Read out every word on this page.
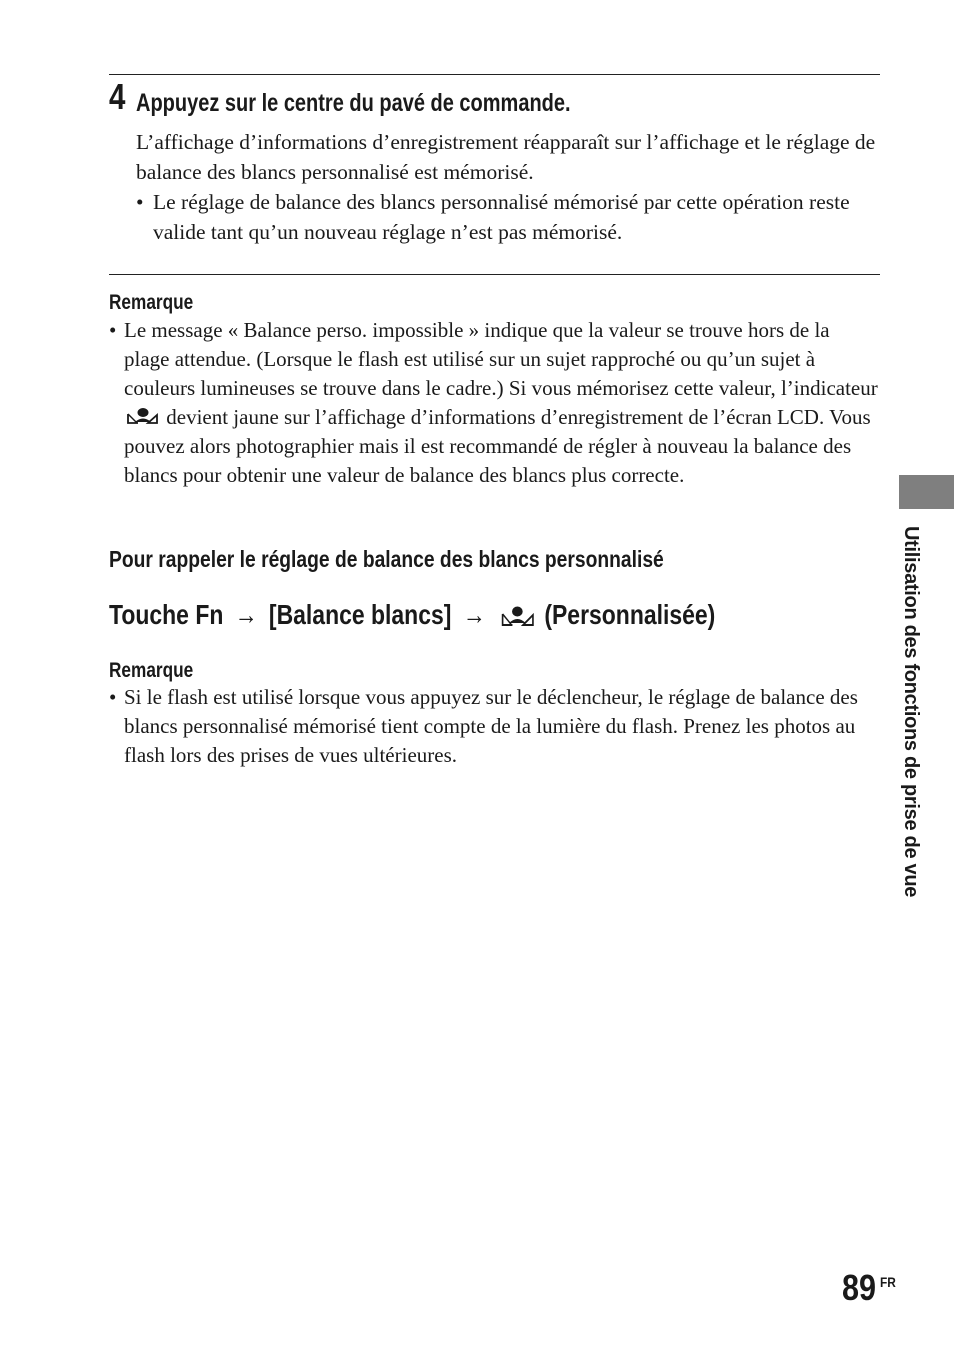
4 Appuyez sur le centre du pavé de commande.
L’affichage d’informations d’enregistrement réapparaît sur l’affichage et le réglage de balance des blancs personnalisé est mémorisé.
• Le réglage de balance des blancs personnalisé mémorisé par cette opération reste valide tant qu’un nouveau réglage n’est pas mémorisé.
Remarque
• Le message « Balance perso. impossible » indique que la valeur se trouve hors de la plage attendue. (Lorsque le flash est utilisé sur un sujet rapproché ou qu’un sujet à couleurs lumineuses se trouve dans le cadre.) Si vous mémorisez cette valeur, l’indicateur  devient jaune sur l’affichage d’informations d’enregistrement de l’écran LCD. Vous pouvez alors photographier mais il est recommandé de régler à nouveau la balance des blancs pour obtenir une valeur de balance des blancs plus correcte.
Pour rappeler le réglage de balance des blancs personnalisé
Touche Fn → [Balance blancs] → (Personnalisée)
Remarque
• Si le flash est utilisé lorsque vous appuyez sur le déclencheur, le réglage de balance des blancs personnalisé mémorisé tient compte de la lumière du flash. Prenez les photos au flash lors des prises de vues ultérieures.	Utilisation des fonctions de prise de vue
89 FR
